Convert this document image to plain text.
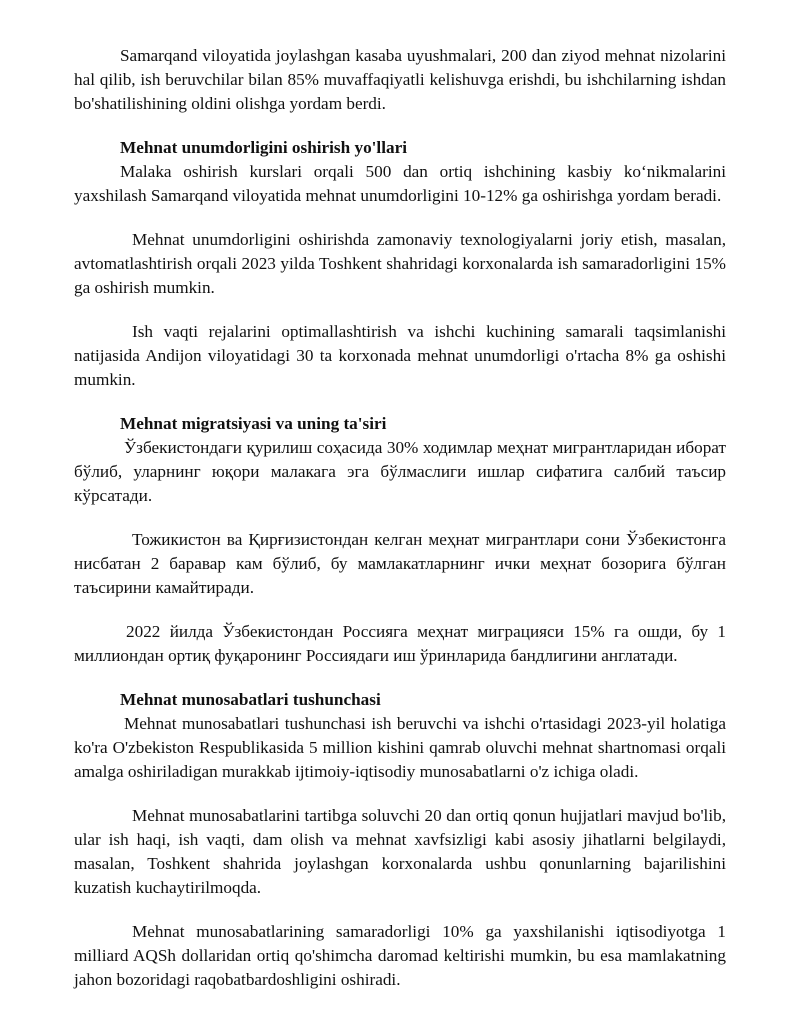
Samarqand viloyatida joylashgan kasaba uyushmalari, 200 dan ziyod mehnat nizolarini hal qilib, ish beruvchilar bilan 85% muvaffaqiyatli kelishuvga erishdi, bu ishchilarning ishdan bo'shatilishining oldini olishga yordam berdi.

Mehnat unumdorligini oshirish yo'llari

Malaka oshirish kurslari orqali 500 dan ortiq ishchining kasbiy ko‘nikmalarini yaxshilash Samarqand viloyatida mehnat unumdorligini 10-12% ga oshirishga yordam beradi.

Mehnat unumdorligini oshirishda zamonaviy texnologiyalarni joriy etish, masalan, avtomatlashtirish orqali 2023 yilda Toshkent shahridagi korxonalarda ish samaradorligini 15% ga oshirish mumkin.

Ish vaqti rejalarini optimallashtirish va ishchi kuchining samarali taqsimlanishi natijasida Andijon viloyatidagi 30 ta korxonada mehnat unumdorligi o'rtacha 8% ga oshishi mumkin.

Mehnat migratsiyasi va uning ta'siri

Ўзбекистондаги қурилиш соҳасида 30% ходимлар меҳнат мигрантларидан иборат бўлиб, уларнинг юқори малакага эга бўлмаслиги ишлар сифатига салбий таъсир кўрсатади.

Тожикистон ва Қирғизистондан келган меҳнат мигрантлари сони Ўзбекистонга нисбатан 2 баравар кам бўлиб, бу мамлакатларнинг ички меҳнат бозорига бўлган таъсирини камайтиради.

2022 йилда Ўзбекистондан Россияга меҳнат миграцияси 15% га ошди, бу 1 миллиондан ортиқ фуқаронинг Россиядаги иш ўринларида бандлигини англатади.

Mehnat munosabatlari tushunchasi

Mehnat munosabatlari tushunchasi ish beruvchi va ishchi o'rtasidagi 2023-yil holatiga ko'ra O'zbekiston Respublikasida 5 million kishini qamrab oluvchi mehnat shartnomasi orqali amalga oshiriladigan murakkab ijtimoiy-iqtisodiy munosabatlarni o'z ichiga oladi.

Mehnat munosabatlarini tartibga soluvchi 20 dan ortiq qonun hujjatlari mavjud bo'lib, ular ish haqi, ish vaqti, dam olish va mehnat xavfsizligi kabi asosiy jihatlarni belgilaydi, masalan, Toshkent shahrida joylashgan korxonalarda ushbu qonunlarning bajarilishini kuzatish kuchaytirilmoqda.

Mehnat munosabatlarining samaradorligi 10% ga yaxshilanishi iqtisodiyotga 1 milliard AQSh dollaridan ortiq qo'shimcha daromad keltirishi mumkin, bu esa mamlakatning jahon bozoridagi raqobatbardoshligini oshiradi.
